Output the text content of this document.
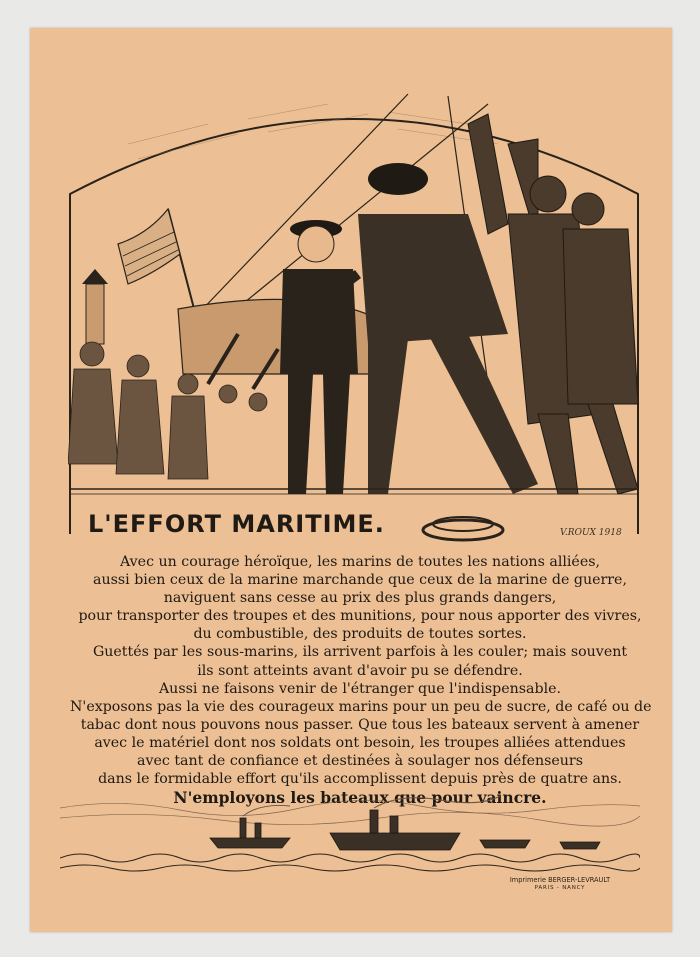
L'EFFORT MARITIME.	V.ROUX 1918
Avec un courage héroïque, les marins de toutes les nations alliées,
aussi bien ceux de la marine marchande que ceux de la marine de guerre,
naviguent sans cesse au prix des plus grands dangers,
pour transporter des troupes et des munitions, pour nous apporter des vivres,
du combustible, des produits de toutes sortes.
Guettés par les sous-marins, ils arrivent parfois à les couler; mais souvent
ils sont atteints avant d'avoir pu se défendre.
Aussi ne faisons venir de l'étranger que l'indispensable.
N'exposons pas la vie des courageux marins pour un peu de sucre, de café ou de
tabac dont nous pouvons nous passer. Que tous les bateaux servent à amener
avec le matériel dont nos soldats ont besoin, les troupes alliées attendues
avec tant de confiance et destinées à soulager nos défenseurs
dans le formidable effort qu'ils accomplissent depuis près de quatre ans.
N'employons les bateaux que pour vaincre.
Imprimerie BERGER-LEVRAULT
PARIS - NANCY
